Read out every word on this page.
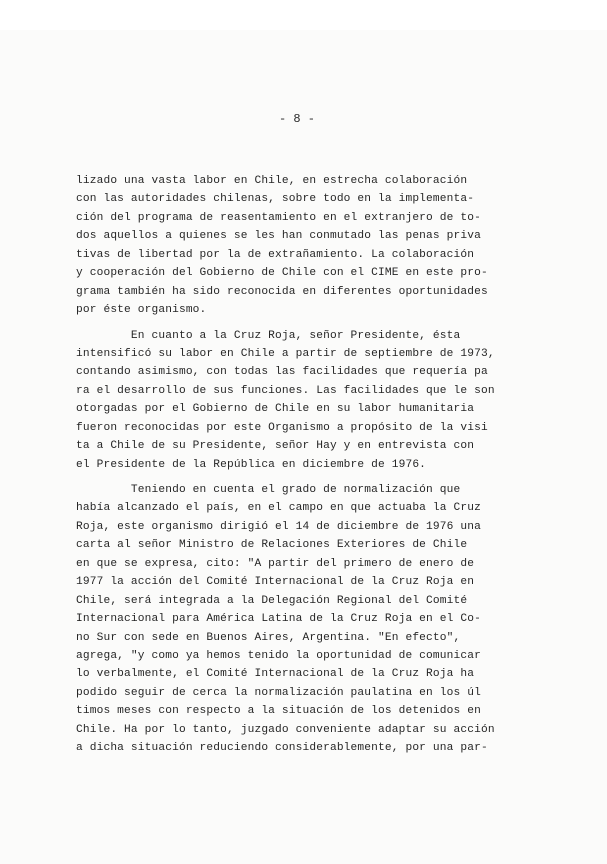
- 8 -
lizado una vasta labor en Chile, en estrecha colaboración
con las autoridades chilenas, sobre todo en la implementa-
ción del programa de reasentamiento en el extranjero de to-
dos aquellos a quienes se les han conmutado las penas priva
tivas de libertad por la de extrañamiento. La colaboración
y cooperación del Gobierno de Chile con el CIME en este pro-
grama también ha sido reconocida en diferentes oportunidades
por éste organismo.
En cuanto a la Cruz Roja, señor Presidente, ésta
intensificó su labor en Chile a partir de septiembre de 1973,
contando asimismo, con todas las facilidades que requería pa
ra el desarrollo de sus funciones. Las facilidades que le son
otorgadas por el Gobierno de Chile en su labor humanitaria
fueron reconocidas por este Organismo a propósito de la visi
ta a Chile de su Presidente, señor Hay y en entrevista con
el Presidente de la República en diciembre de 1976.
Teniendo en cuenta el grado de normalización que
había alcanzado el país, en el campo en que actuaba la Cruz
Roja, este organismo dirigió el 14 de diciembre de 1976 una
carta al señor Ministro de Relaciones Exteriores de Chile
en que se expresa, cito: "A partir del primero de enero de
1977 la acción del Comité Internacional de la Cruz Roja en
Chile, será integrada a la Delegación Regional del Comité
Internacional para América Latina de la Cruz Roja en el Co-
no Sur con sede en Buenos Aires, Argentina. "En efecto",
agrega, "y como ya hemos tenido la oportunidad de comunicar
lo verbalmente, el Comité Internacional de la Cruz Roja ha
podido seguir de cerca la normalización paulatina en los úl
timos meses con respecto a la situación de los detenidos en
Chile. Ha por lo tanto, juzgado conveniente adaptar su acción
a dicha situación reduciendo considerablemente, por una par-
